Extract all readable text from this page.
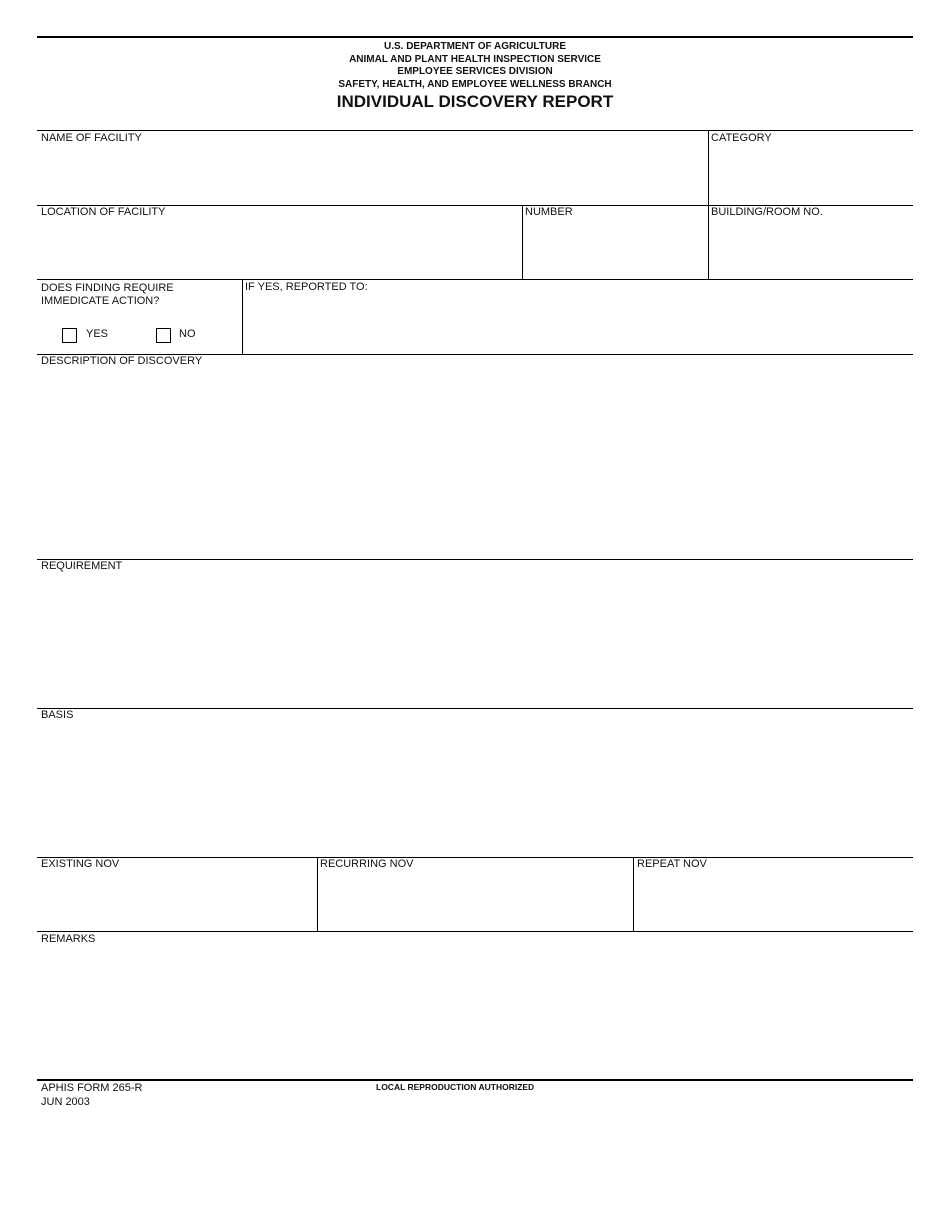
U.S. DEPARTMENT OF AGRICULTURE
ANIMAL AND PLANT HEALTH INSPECTION SERVICE
EMPLOYEE SERVICES DIVISION
SAFETY, HEALTH, AND EMPLOYEE WELLNESS BRANCH
INDIVIDUAL DISCOVERY REPORT
NAME OF FACILITY	CATEGORY
LOCATION OF FACILITY	NUMBER	BUILDING/ROOM NO.
DOES FINDING REQUIRE
IMMEDICATE ACTION?
YES	NO
IF YES, REPORTED TO:
DESCRIPTION OF DISCOVERY
REQUIREMENT
BASIS
EXISTING NOV	RECURRING NOV	REPEAT NOV
REMARKS
APHIS FORM 265-R
JUN 2003
LOCAL REPRODUCTION AUTHORIZED
